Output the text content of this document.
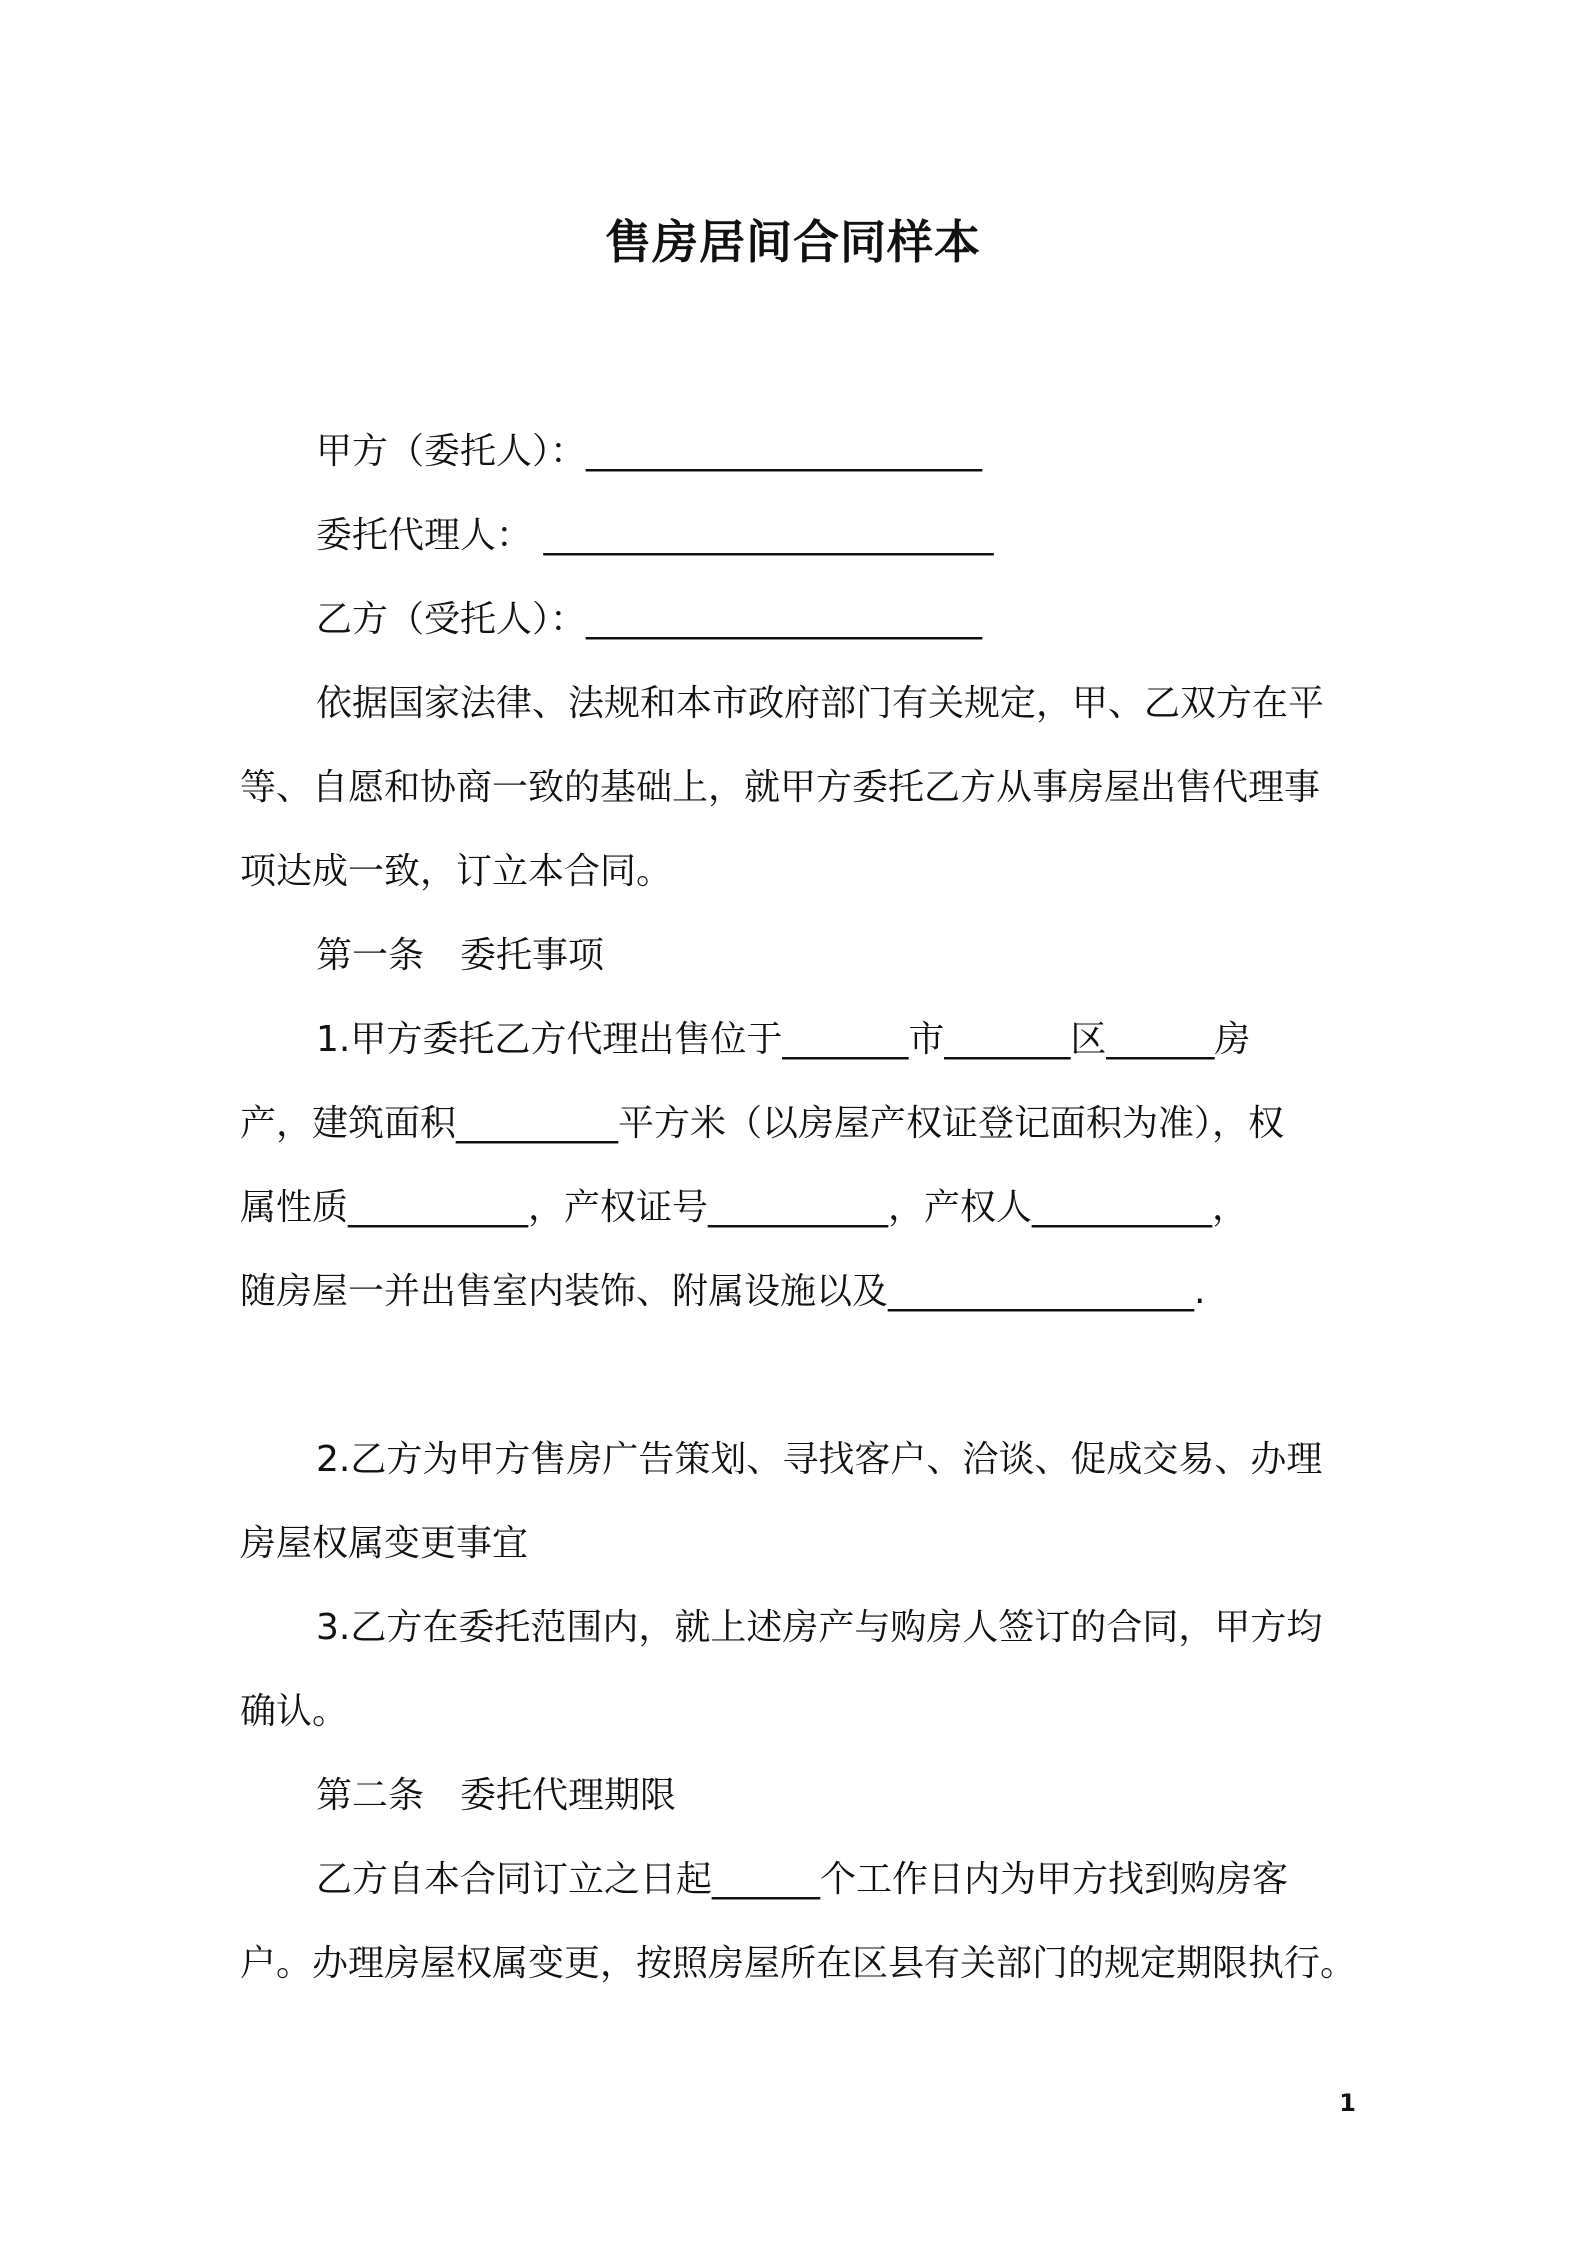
售房居间合同样本
甲方（委托人）：______________________
委托代理人： _________________________
乙方（受托人）：______________________
依据国家法律、法规和本市政府部门有关规定，甲、乙双方在平
等、自愿和协商一致的基础上，就甲方委托乙方从事房屋出售代理事
项达成一致，订立本合同。
第一条　委托事项
1.甲方委托乙方代理出售位于_______市_______区______房
产，建筑面积_________平方米（以房屋产权证登记面积为准），权
属性质__________，产权证号__________，产权人__________，
随房屋一并出售室内装饰、附属设施以及_________________.
2.乙方为甲方售房广告策划、寻找客户、洽谈、促成交易、办理
房屋权属变更事宜
3.乙方在委托范围内，就上述房产与购房人签订的合同，甲方均
确认。
第二条　委托代理期限
乙方自本合同订立之日起______个工作日内为甲方找到购房客
户。办理房屋权属变更，按照房屋所在区县有关部门的规定期限执行。
1
